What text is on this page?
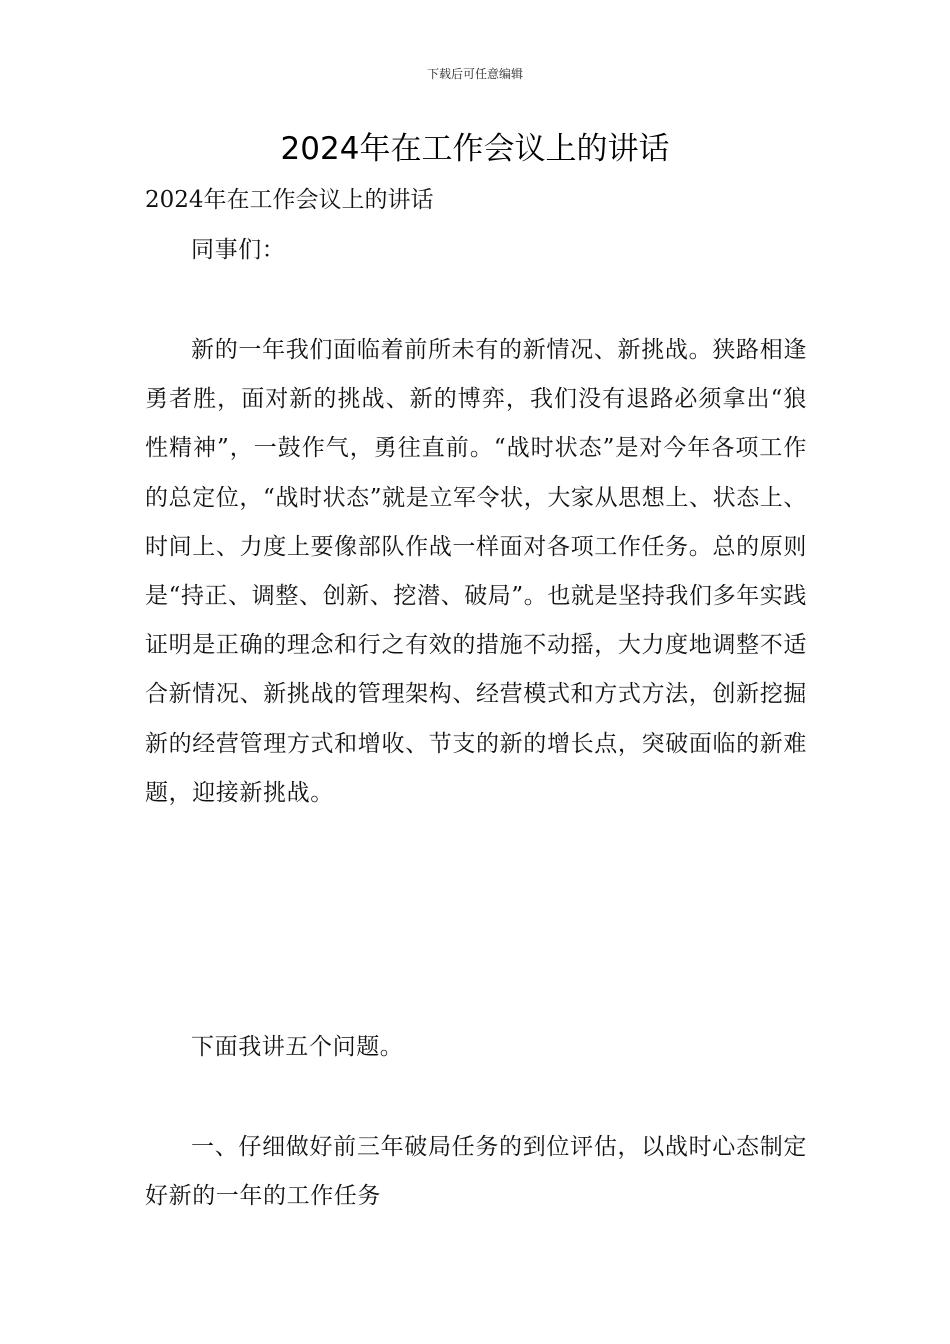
下载后可任意编辑
2024年在工作会议上的讲话
2024年在工作会议上的讲话

同事们：

新的一年我们面临着前所未有的新情况、新挑战。狭路相逢勇者胜，面对新的挑战、新的博弈，我们没有退路必须拿出“狼性精神”，一鼓作气，勇往直前。“战时状态”是对今年各项工作的总定位，“战时状态”就是立军令状，大家从思想上、状态上、时间上、力度上要像部队作战一样面对各项工作任务。总的原则是“持正、调整、创新、挖潜、破局”。也就是坚持我们多年实践证明是正确的理念和行之有效的措施不动摇，大力度地调整不适合新情况、新挑战的管理架构、经营模式和方式方法，创新挖掘新的经营管理方式和增收、节支的新的增长点，突破面临的新难题，迎接新挑战。

下面我讲五个问题。

一、仔细做好前三年破局任务的到位评估，以战时心态制定好新的一年的工作任务
